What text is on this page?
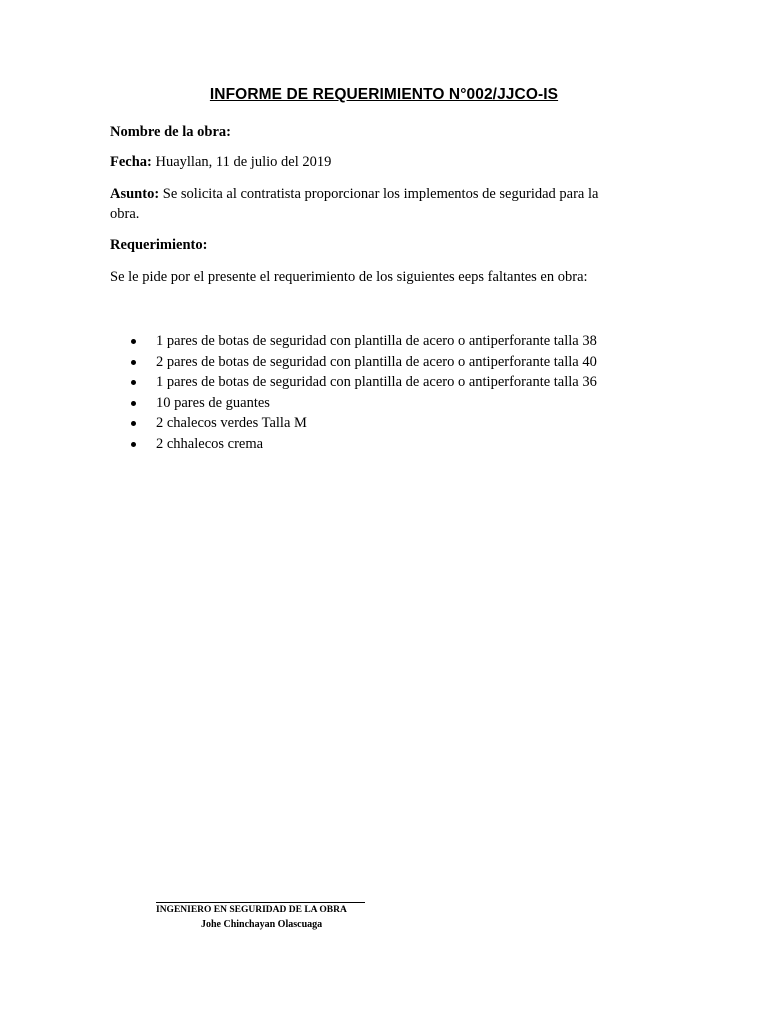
INFORME DE REQUERIMIENTO N°002/JJCO-IS
Nombre de la obra:
Fecha: Huayllan, 11 de julio del 2019
Asunto: Se solicita al contratista proporcionar los implementos de seguridad para la
obra.
Requerimiento:
Se le pide por el presente el requerimiento de los siguientes eeps faltantes en obra:
1 pares de botas de seguridad con plantilla de acero o antiperforante talla 38
2 pares de botas de seguridad con plantilla de acero o antiperforante talla 40
1 pares de botas de seguridad con plantilla de acero o antiperforante talla 36
10 pares de guantes
2 chalecos verdes Talla M
2 chhalecos crema
INGENIERO EN SEGURIDAD DE LA OBRA
Johe Chinchayan Olascuaga
